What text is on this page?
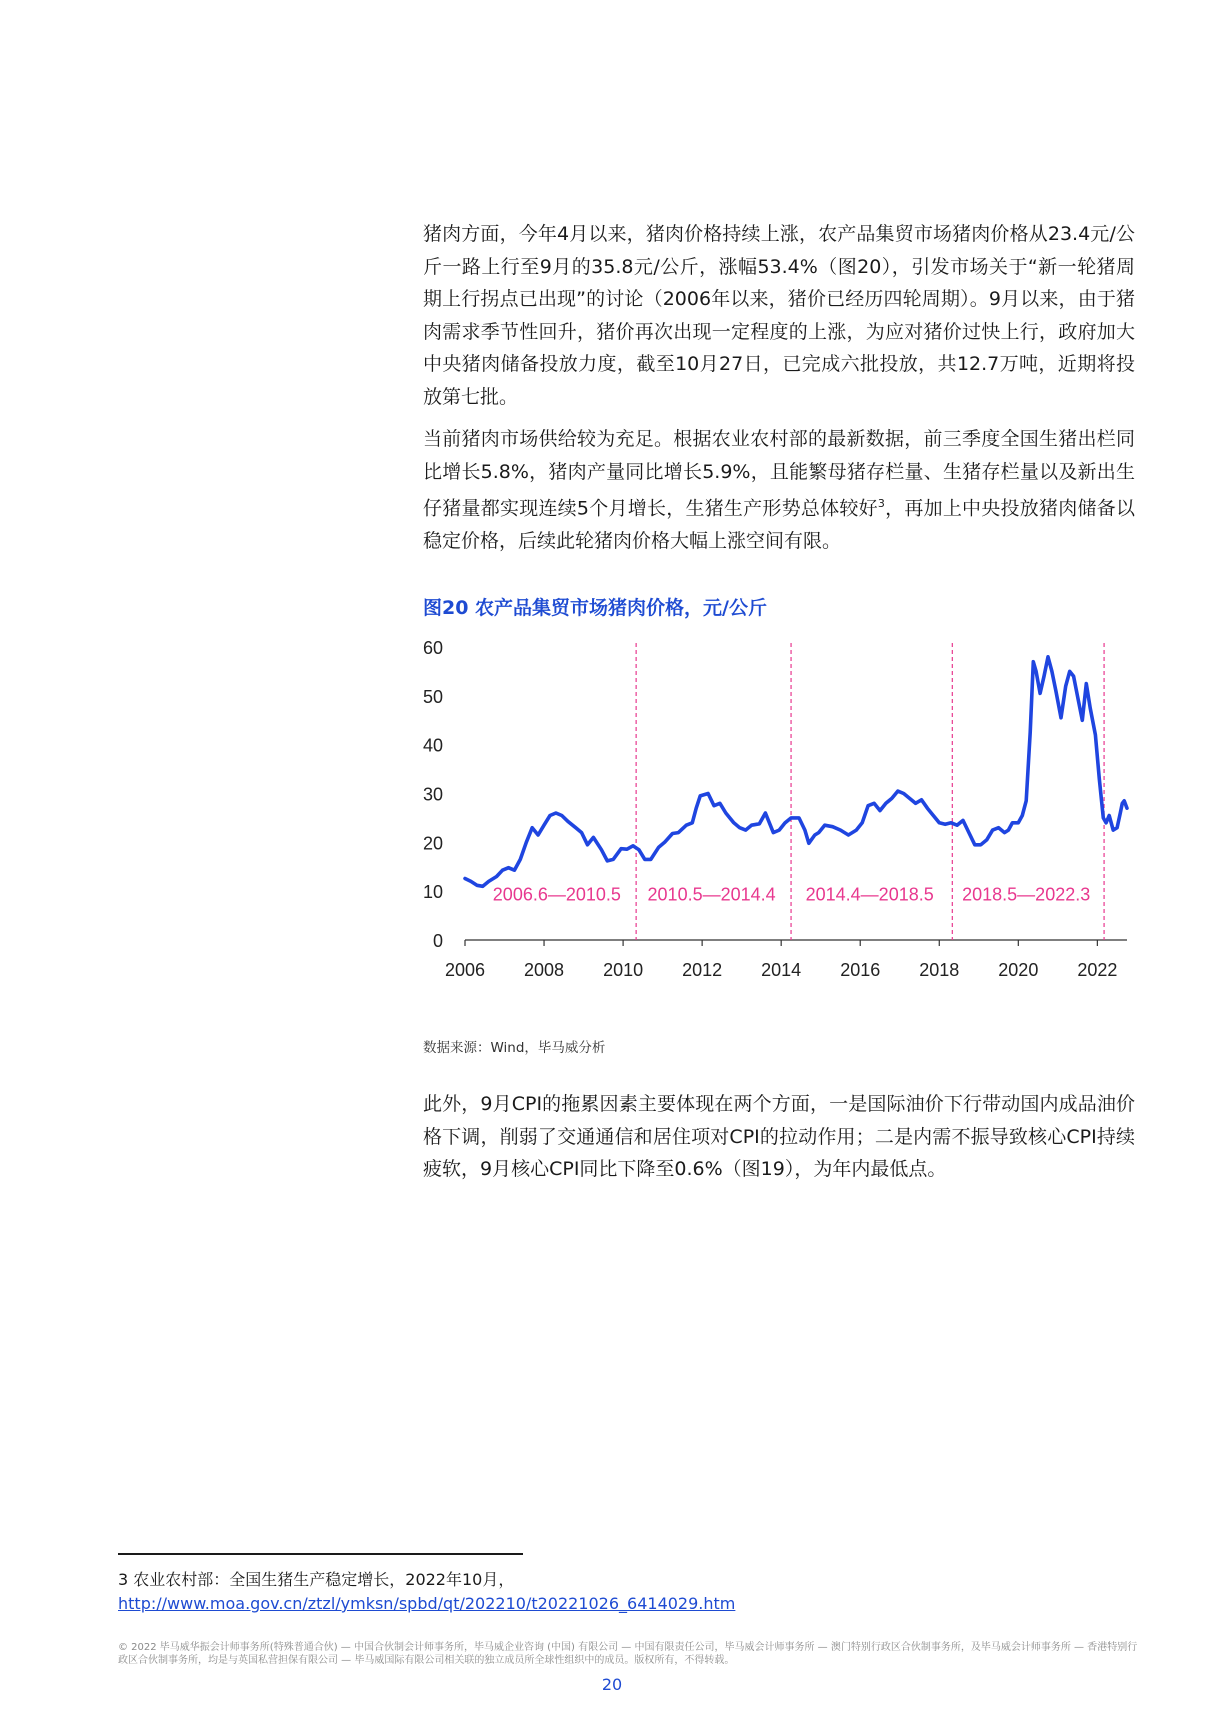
猪肉方面，今年4月以来，猪肉价格持续上涨，农产品集贸市场猪肉价格从23.4元/公斤一路上行至9月的35.8元/公斤，涨幅53.4%（图20），引发市场关于“新一轮猪周期上行拐点已出现”的讨论（2006年以来，猪价已经历四轮周期）。9月以来，由于猪肉需求季节性回升，猪价再次出现一定程度的上涨，为应对猪价过快上行，政府加大中央猪肉储备投放力度，截至10月27日，已完成六批投放，共12.7万吨，近期将投放第七批。

当前猪肉市场供给较为充足。根据农业农村部的最新数据，前三季度全国生猪出栏同比增长5.8%，猪肉产量同比增长5.9%，且能繁母猪存栏量、生猪存栏量以及新出生仔猪量都实现连续5个月增长，生猪生产形势总体较好$^3$，再加上中央投放猪肉储备以稳定价格，后续此轮猪肉价格大幅上涨空间有限。

图20 农产品集贸市场猪肉价格，元/公斤
0
10
20
30
40
50
60
2006 2008 2010 2012 2014 2016 2018 2020 2022
2006.6—2010.5 2010.5—2014.4 2014.4—2018.5 2018.5—2022.3
数据来源：Wind，毕马威分析

此外，9月CPI的拖累因素主要体现在两个方面，一是国际油价下行带动国内成品油价格下调，削弱了交通通信和居住项对CPI的拉动作用；二是内需不振导致核心CPI持续疲软，9月核心CPI同比下降至0.6%（图19），为年内最低点。

3 农业农村部：全国生猪生产稳定增长，2022年10月，
http://www.moa.gov.cn/ztzl/ymksn/spbd/qt/202210/t20221026_6414029.htm
© 2022 毕马威华振会计师事务所(特殊普通合伙) — 中国合伙制会计师事务所，毕马威企业咨询 (中国) 有限公司 — 中国有限责任公司，毕马威会计师事务所 — 澳门特别行政区合伙制事务所，及毕马威会计师事务所 — 香港特别行政区合伙制事务所，均是与英国私营担保有限公司 — 毕马威国际有限公司相关联的独立成员所全球性组织中的成员。版权所有，不得转载。
20
